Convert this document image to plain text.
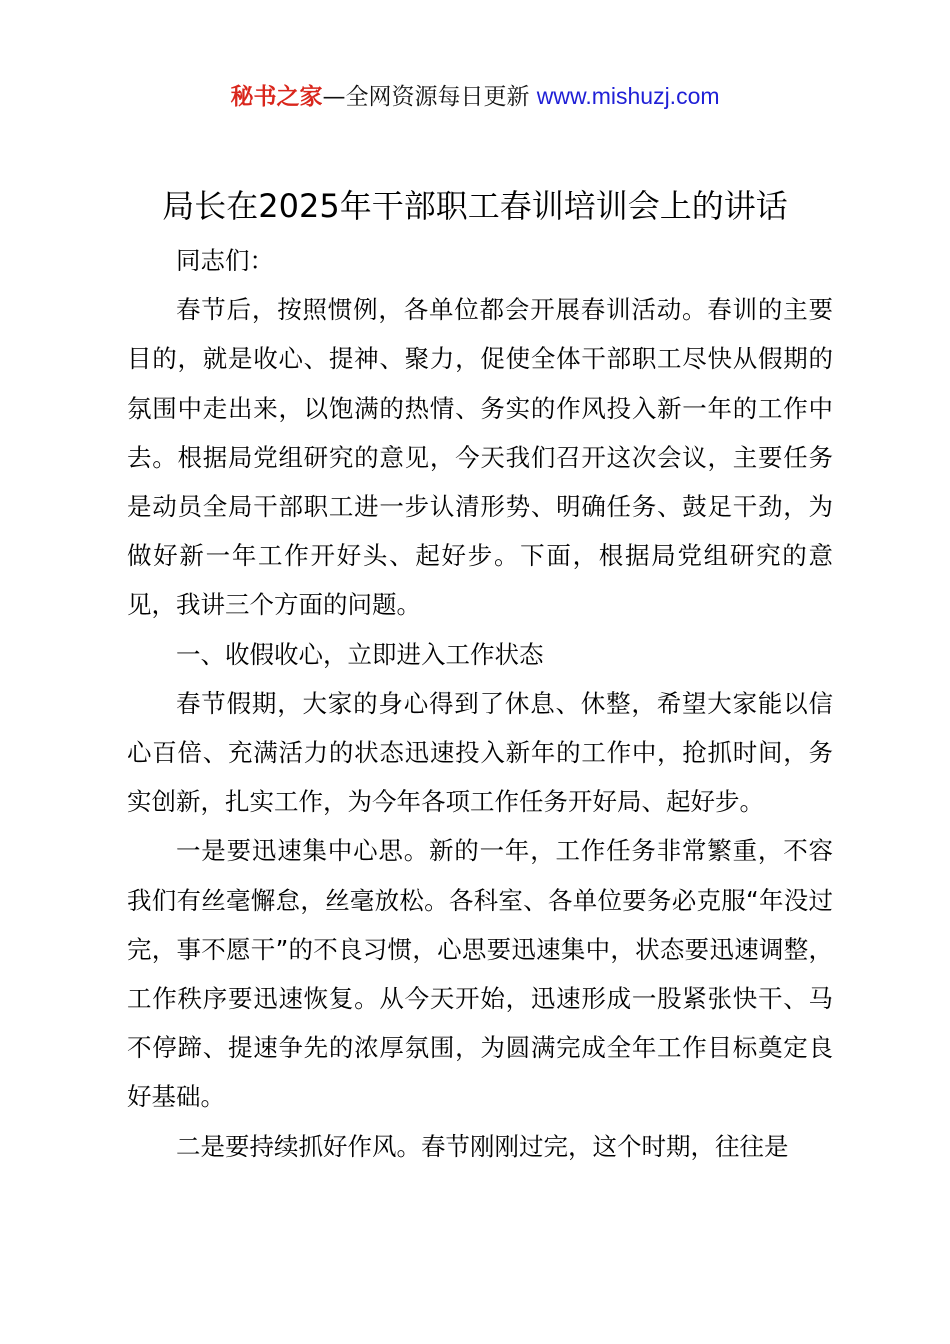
秘书之家—全网资源每日更新 www.mishuzj.com
局长在2025年干部职工春训培训会上的讲话

同志们：

春节后，按照惯例，各单位都会开展春训活动。春训的主要目的，就是收心、提神、聚力，促使全体干部职工尽快从假期的氛围中走出来，以饱满的热情、务实的作风投入新一年的工作中去。根据局党组研究的意见，今天我们召开这次会议，主要任务是动员全局干部职工进一步认清形势、明确任务、鼓足干劲，为做好新一年工作开好头、起好步。下面，根据局党组研究的意见，我讲三个方面的问题。

一、收假收心，立即进入工作状态

春节假期，大家的身心得到了休息、休整，希望大家能以信心百倍、充满活力的状态迅速投入新年的工作中，抢抓时间，务实创新，扎实工作，为今年各项工作任务开好局、起好步。

一是要迅速集中心思。新的一年，工作任务非常繁重，不容我们有丝毫懈怠，丝毫放松。各科室、各单位要务必克服“年没过完，事不愿干”的不良习惯，心思要迅速集中，状态要迅速调整，工作秩序要迅速恢复。从今天开始，迅速形成一股紧张快干、马不停蹄、提速争先的浓厚氛围，为圆满完成全年工作目标奠定良好基础。

二是要持续抓好作风。春节刚刚过完，这个时期，往往是
